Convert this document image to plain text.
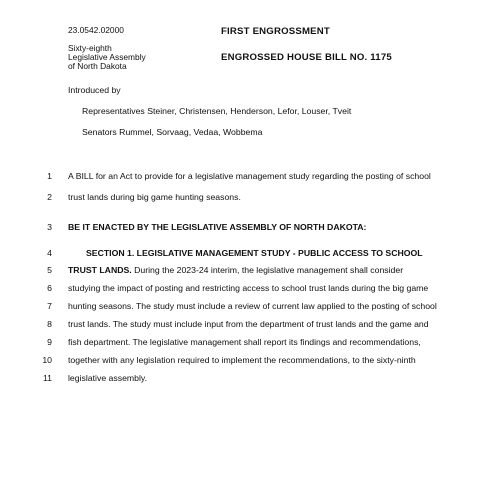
23.0542.02000
Sixty-eighth
Legislative Assembly
of North Dakota
FIRST ENGROSSMENT
ENGROSSED HOUSE BILL NO. 1175
Introduced by
Representatives Steiner, Christensen, Henderson, Lefor, Louser, Tveit
Senators Rummel, Sorvaag, Vedaa, Wobbema
1 A BILL for an Act to provide for a legislative management study regarding the posting of school
2 trust lands during big game hunting seasons.
3 BE IT ENACTED BY THE LEGISLATIVE ASSEMBLY OF NORTH DAKOTA:
4	SECTION 1. LEGISLATIVE MANAGEMENT STUDY - PUBLIC ACCESS TO SCHOOL
5 TRUST LANDS. During the 2023-24 interim, the legislative management shall consider
6 studying the impact of posting and restricting access to school trust lands during the big game
7 hunting seasons. The study must include a review of current law applied to the posting of school
8 trust lands. The study must include input from the department of trust lands and the game and
9 fish department. The legislative management shall report its findings and recommendations,
10 together with any legislation required to implement the recommendations, to the sixty-ninth
11 legislative assembly.
